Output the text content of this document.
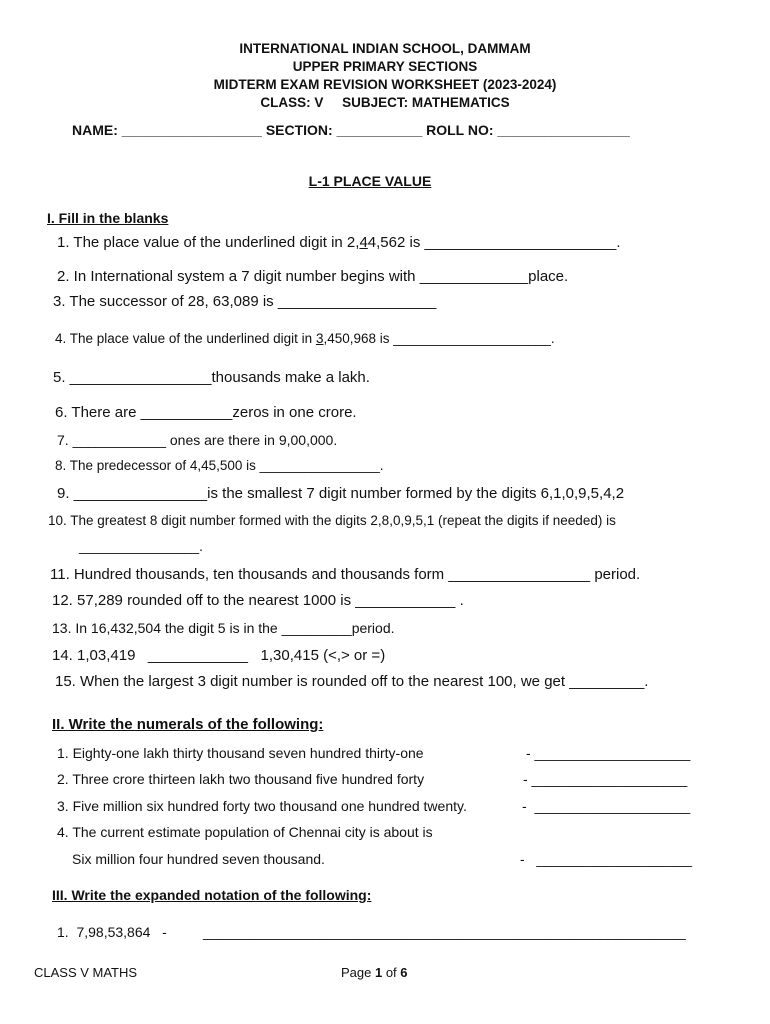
INTERNATIONAL INDIAN SCHOOL, DAMMAM
UPPER PRIMARY SECTIONS
MIDTERM EXAM REVISION WORKSHEET (2023-2024)
CLASS: V     SUBJECT: MATHEMATICS
NAME: __________________ SECTION: ___________ ROLL NO: _________________
L-1 PLACE VALUE
I. Fill in the blanks
1. The place value of the underlined digit in 2,44,562 is _______________________.
2. In International system a 7 digit number begins with _____________place.
3. The successor of 28, 63,089 is ___________________
4. The place value of the underlined digit in 3,450,968 is _____________________.
5. _________________thousands make a lakh.
6. There are ___________zeros in one crore.
7. ____________ ones are there in 9,00,000.
8. The predecessor of 4,45,500 is ________________.
9. ________________is the smallest 7 digit number formed by the digits 6,1,0,9,5,4,2
10. The greatest 8 digit number formed with the digits 2,8,0,9,5,1 (repeat the digits if needed) is
________________.
11. Hundred thousands, ten thousands and thousands form _________________ period.
12. 57,289 rounded off to the nearest 1000 is ____________ .
13. In 16,432,504 the digit 5 is in the _________period.
14. 1,03,419   ____________   1,30,415 (<,> or =)
15. When the largest 3 digit number is rounded off to the nearest 100, we get _________.
II. Write the numerals of the following:
1. Eighty-one lakh thirty thousand seven hundred thirty-one	- ____________________
2. Three crore thirteen lakh two thousand five hundred forty	- ____________________
3. Five million six hundred forty two thousand one hundred twenty.	-  ____________________
4. The current estimate population of Chennai city is about is
Six million four hundred seven thousand.	-   ____________________
III. Write the expanded notation of the following:
1.  7,98,53,864   -	______________________________________________________________
CLASS V MATHS	Page 1 of 6
